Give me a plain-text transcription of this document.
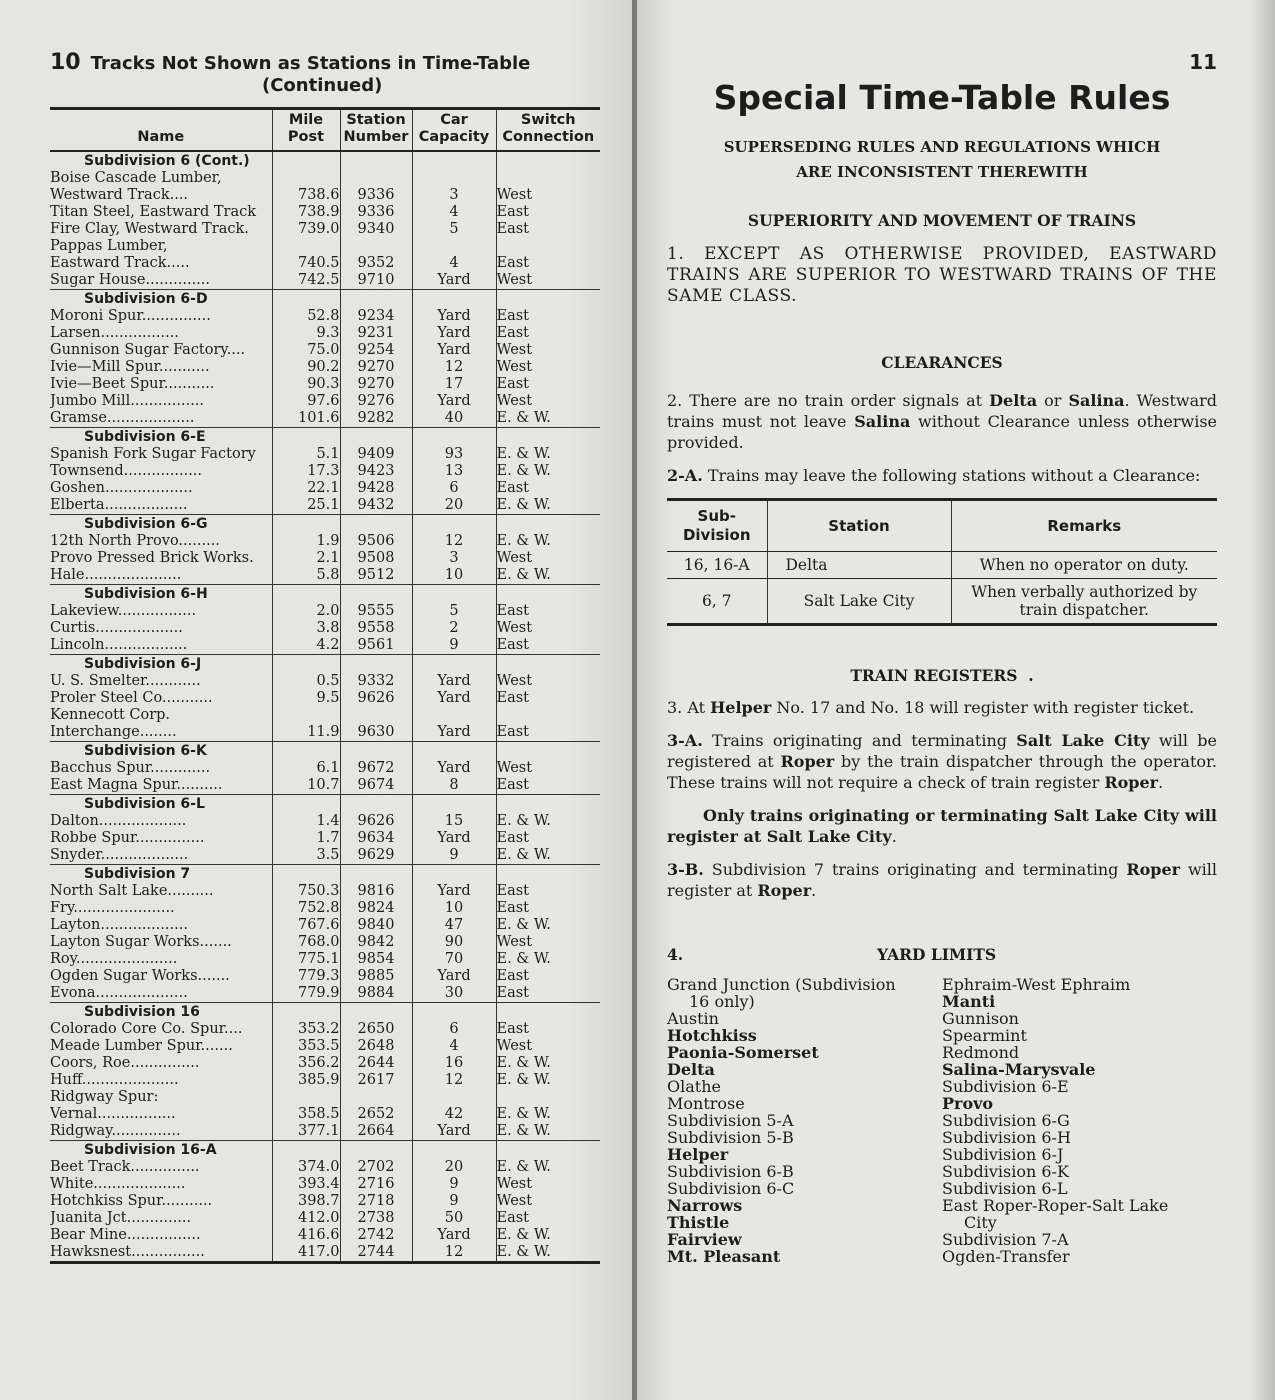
10 Tracks Not Shown as Stations in Time-Table
(Continued)
Name	Mile Post	Station Number	Car Capacity	Switch Connection
Subdivision 6 (Cont.)				
Boise Cascade Lumber,				
Westward Track....	738.6	9336	3	West
Titan Steel, Eastward Track	738.9	9336	4	East
Fire Clay, Westward Track.	739.0	9340	5	East
Pappas Lumber,				
Eastward Track.....	740.5	9352	4	East
Sugar House..............	742.5	9710	Yard	West
Subdivision 6-D				
Moroni Spur...............	52.8	9234	Yard	East
Larsen.................	9.3	9231	Yard	East
Gunnison Sugar Factory....	75.0	9254	Yard	West
Ivie—Mill Spur...........	90.2	9270	12	West
Ivie—Beet Spur...........	90.3	9270	17	East
Jumbo Mill................	97.6	9276	Yard	West
Gramse...................	101.6	9282	40	E. & W.
Subdivision 6-E				
Spanish Fork Sugar Factory	5.1	9409	93	E. & W.
Townsend.................	17.3	9423	13	E. & W.
Goshen...................	22.1	9428	6	East
Elberta..................	25.1	9432	20	E. & W.
Subdivision 6-G				
12th North Provo.........	1.9	9506	12	E. & W.
Provo Pressed Brick Works.	2.1	9508	3	West
Hale.....................	5.8	9512	10	E. & W.
Subdivision 6-H				
Lakeview.................	2.0	9555	5	East
Curtis...................	3.8	9558	2	West
Lincoln..................	4.2	9561	9	East
Subdivision 6-J				
U. S. Smelter............	0.5	9332	Yard	West
Proler Steel Co...........	9.5	9626	Yard	East
Kennecott Corp.				
Interchange........	11.9	9630	Yard	East
Subdivision 6-K				
Bacchus Spur.............	6.1	9672	Yard	West
East Magna Spur..........	10.7	9674	8	East
Subdivision 6-L				
Dalton...................	1.4	9626	15	E. & W.
Robbe Spur...............	1.7	9634	Yard	East
Snyder...................	3.5	9629	9	E. & W.
Subdivision 7				
North Salt Lake..........	750.3	9816	Yard	East
Fry......................	752.8	9824	10	East
Layton...................	767.6	9840	47	E. & W.
Layton Sugar Works.......	768.0	9842	90	West
Roy......................	775.1	9854	70	E. & W.
Ogden Sugar Works.......	779.3	9885	Yard	East
Evona....................	779.9	9884	30	East
Subdivision 16				
Colorado Core Co. Spur....	353.2	2650	6	East
Meade Lumber Spur.......	353.5	2648	4	West
Coors, Roe...............	356.2	2644	16	E. & W.
Huff.....................	385.9	2617	12	E. & W.
Ridgway Spur:				
Vernal.................	358.5	2652	42	E. & W.
Ridgway...............	377.1	2664	Yard	E. & W.
Subdivision 16-A				
Beet Track...............	374.0	2702	20	E. & W.
White....................	393.4	2716	9	West
Hotchkiss Spur...........	398.7	2718	9	West
Juanita Jct..............	412.0	2738	50	East
Bear Mine................	416.6	2742	Yard	E. & W.
Hawksnest................	417.0	2744	12	E. & W.
11
Special Time-Table Rules
SUPERSEDING RULES AND REGULATIONS WHICH
ARE INCONSISTENT THEREWITH
SUPERIORITY AND MOVEMENT OF TRAINS

1. EXCEPT AS OTHERWISE PROVIDED, EASTWARD TRAINS ARE SUPERIOR TO WESTWARD TRAINS OF THE SAME CLASS.

CLEARANCES

2. There are no train order signals at Delta or Salina. Westward trains must not leave Salina without Clearance unless otherwise provided.

2-A. Trains may leave the following stations without a Clearance:

Sub-Division	Station	Remarks
16, 16-A	Delta	When no operator on duty.
6, 7	Salt Lake City	When verbally authorized by train dispatcher.
TRAIN REGISTERS .

3. At Helper No. 17 and No. 18 will register with register ticket.

3-A. Trains originating and terminating Salt Lake City will be registered at Roper by the train dispatcher through the operator. These trains will not require a check of train register Roper.

Only trains originating or terminating Salt Lake City will register at Salt Lake City.

3-B. Subdivision 7 trains originating and terminating Roper will register at Roper.

4.	YARD LIMITS
Grand Junction (Subdivision
16 only)
Austin
Hotchkiss
Paonia-Somerset
Delta
Olathe
Montrose
Subdivision 5-A
Subdivision 5-B
Helper
Subdivision 6-B
Subdivision 6-C
Narrows
Thistle
Fairview
Mt. Pleasant
Ephraim-West Ephraim
Manti
Gunnison
Spearmint
Redmond
Salina-Marysvale
Subdivision 6-E
Provo
Subdivision 6-G
Subdivision 6-H
Subdivision 6-J
Subdivision 6-K
Subdivision 6-L
East Roper-Roper-Salt Lake
City
Subdivision 7-A
Ogden-Transfer
